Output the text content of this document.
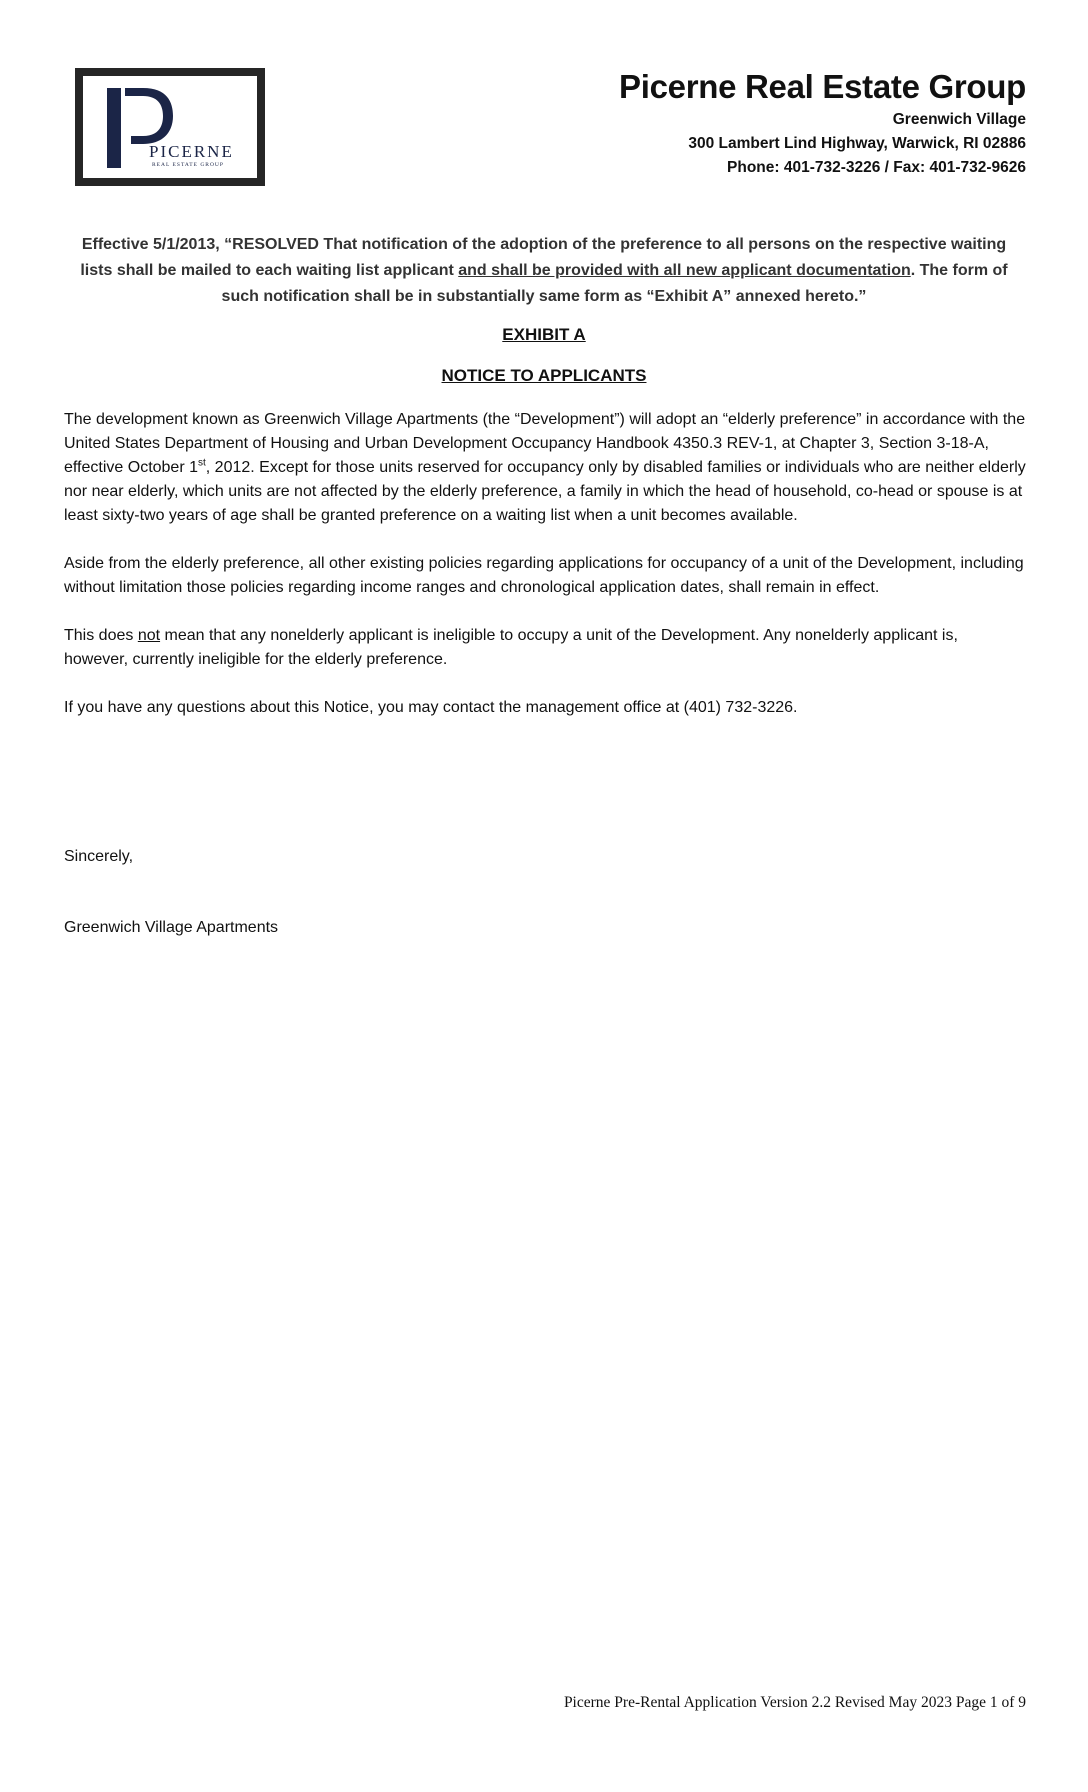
PICERNE
REAL ESTATE GROUP
Picerne Real Estate Group
Greenwich Village
300 Lambert Lind Highway, Warwick, RI 02886
Phone: 401-732-3226 / Fax: 401-732-9626
Effective 5/1/2013, “RESOLVED That notification of the adoption of the preference to all persons on the respective waiting lists shall be mailed to each waiting list applicant and shall be provided with all new applicant documentation. The form of such notification shall be in substantially same form as “Exhibit A” annexed hereto.”
EXHIBIT A
NOTICE TO APPLICANTS

The development known as Greenwich Village Apartments (the “Development”) will adopt an “elderly preference” in accordance with the United States Department of Housing and Urban Development Occupancy Handbook 4350.3 REV-1, at Chapter 3, Section 3-18-A, effective October 1st, 2012. Except for those units reserved for occupancy only by disabled families or individuals who are neither elderly nor near elderly, which units are not affected by the elderly preference, a family in which the head of household, co-head or spouse is at least sixty-two years of age shall be granted preference on a waiting list when a unit becomes available.

Aside from the elderly preference, all other existing policies regarding applications for occupancy of a unit of the Development, including without limitation those policies regarding income ranges and chronological application dates, shall remain in effect.

This does not mean that any nonelderly applicant is ineligible to occupy a unit of the Development. Any nonelderly applicant is, however, currently ineligible for the elderly preference.

If you have any questions about this Notice, you may contact the management office at (401) 732-3226.

Sincerely,
Greenwich Village Apartments
Picerne Pre-Rental Application Version 2.2 Revised May 2023 Page 1 of 9
